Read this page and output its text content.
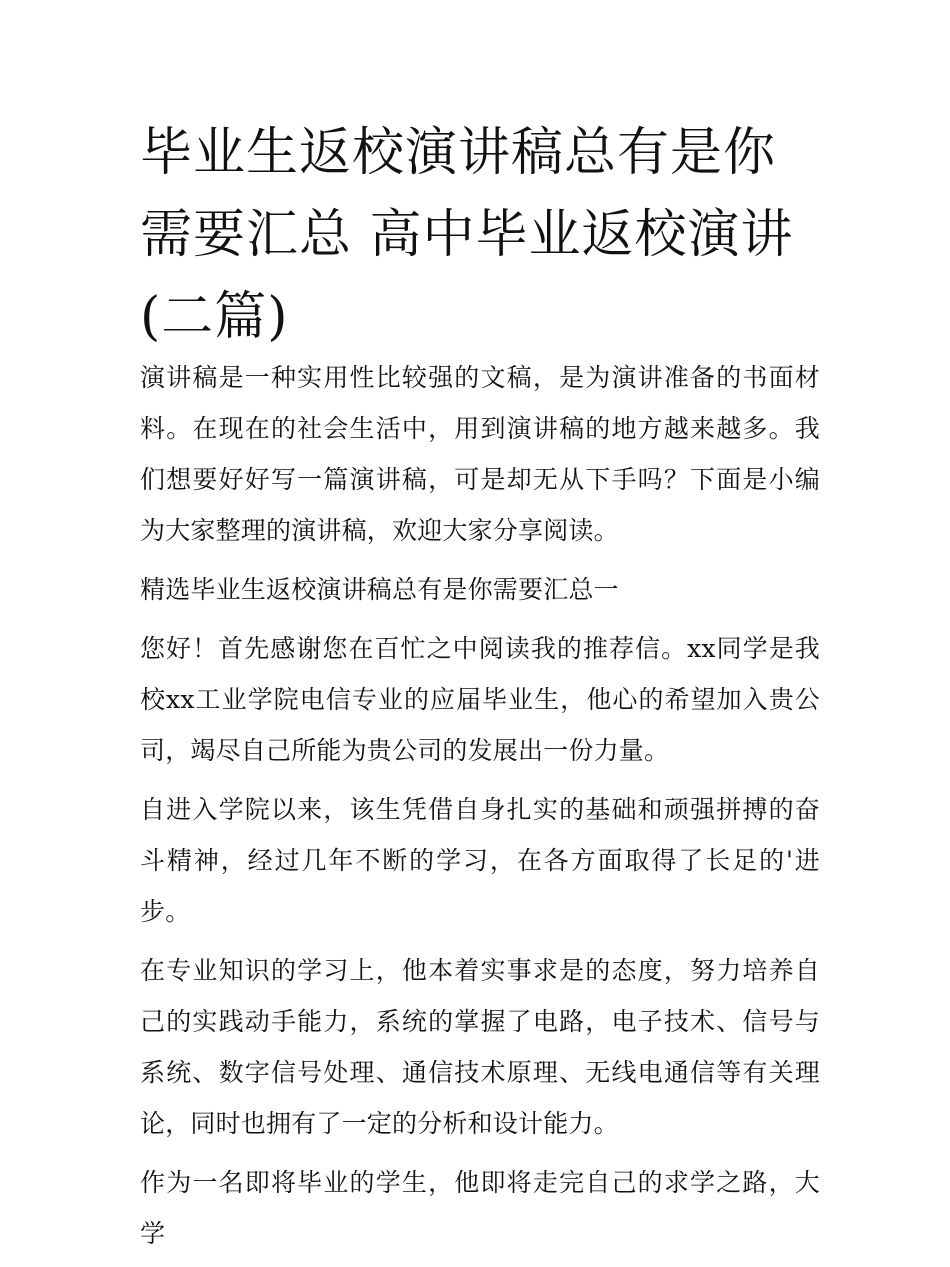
毕业生返校演讲稿总有是你需要汇总 高中毕业返校演讲(二篇)

演讲稿是一种实用性比较强的文稿，是为演讲准备的书面材料。在现在的社会生活中，用到演讲稿的地方越来越多。我们想要好好写一篇演讲稿，可是却无从下手吗？下面是小编为大家整理的演讲稿，欢迎大家分享阅读。

精选毕业生返校演讲稿总有是你需要汇总一

您好！首先感谢您在百忙之中阅读我的推荐信。xx同学是我校xx工业学院电信专业的应届毕业生，他心的希望加入贵公司，竭尽自己所能为贵公司的发展出一份力量。

自进入学院以来，该生凭借自身扎实的基础和顽强拼搏的奋斗精神，经过几年不断的学习，在各方面取得了长足的'进步。

在专业知识的学习上，他本着实事求是的态度，努力培养自己的实践动手能力，系统的掌握了电路，电子技术、信号与系统、数字信号处理、通信技术原理、无线电通信等有关理论，同时也拥有了一定的分析和设计能力。

作为一名即将毕业的学生，他即将走完自己的求学之路，大学
